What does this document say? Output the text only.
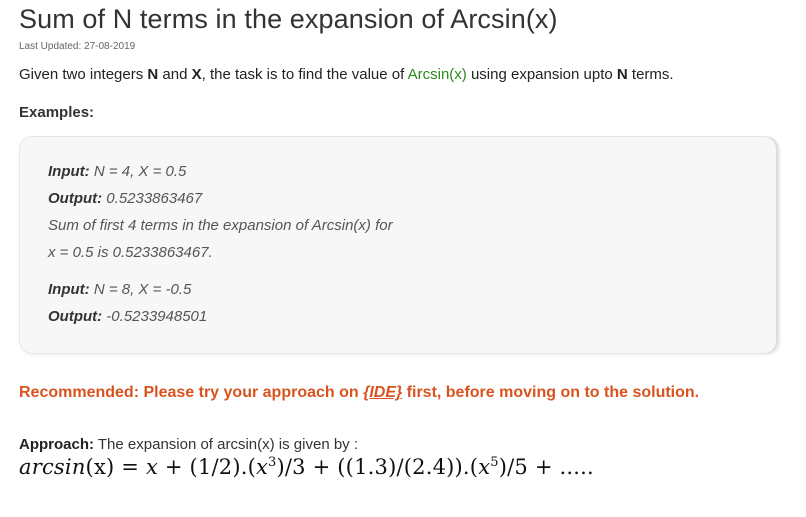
Sum of N terms in the expansion of Arcsin(x)
Last Updated: 27-08-2019
Given two integers N and X, the task is to find the value of Arcsin(x) using expansion upto N terms.
Examples:
Input: N = 4, X = 0.5
Output: 0.5233863467
Sum of first 4 terms in the expansion of Arcsin(x) for
x = 0.5 is 0.5233863467.
Input: N = 8, X = -0.5
Output: -0.5233948501
Recommended: Please try your approach on {IDE} first, before moving on to the solution.
Approach: The expansion of arcsin(x) is given by :
$\arcsin(x) = x + (1/2).(x^3)/3 + ((1.3)/(2.4)).(x^5)/5$ + .....
